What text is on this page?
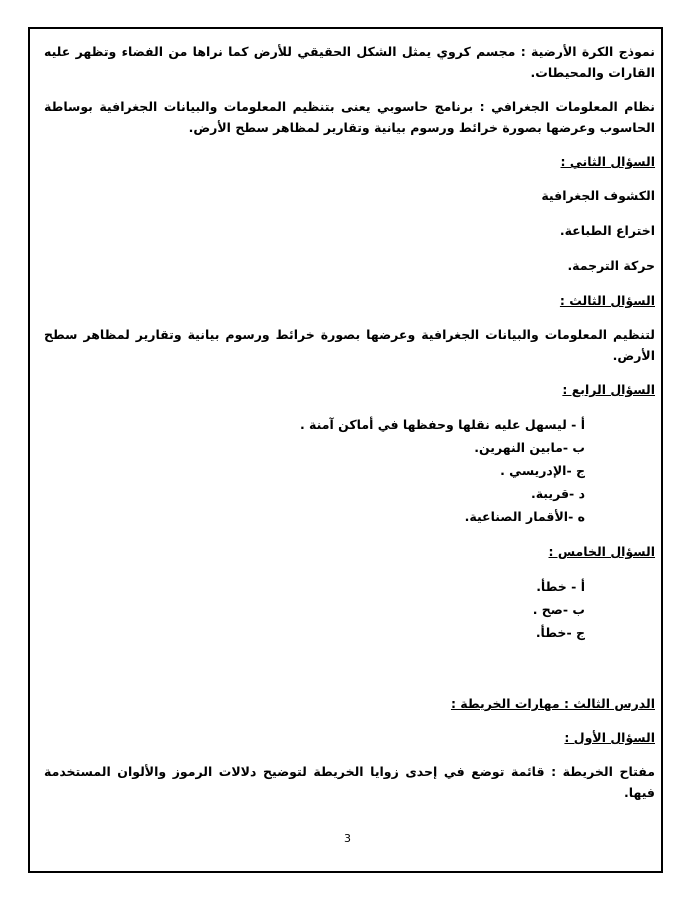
نموذج الكرة الأرضية : مجسم كروي يمثل الشكل الحقيقي للأرض كما نراها من الفضاء وتظهر عليه القارات والمحيطات.

نظام المعلومات الجغرافي : برنامج حاسوبي يعنى بتنظيم المعلومات والبيانات الجغرافية بوساطة الحاسوب وعرضها بصورة خرائط ورسوم بيانية وتقارير لمظاهر سطح الأرض.

السؤال الثاني :
الكشوف الجغرافية
اختراع الطباعة.
حركة الترجمة.
السؤال الثالث :

لتنظيم المعلومات والبيانات الجغرافية وعرضها بصورة خرائط ورسوم بيانية وتقارير لمظاهر سطح الأرض.

السؤال الرابع :
أ - ليسهل عليه نقلها وحفظها في أماكن آمنة .
ب -مابين النهرين.
ج -الإدريسي .
د -قريبة.
ه -الأقمار الصناعية.
السؤال الخامس :
أ - خطأ.
ب -صح .
ج -خطأ.
الدرس الثالث : مهارات الخريطة :
السؤال الأول :

مفتاح الخريطة : قائمة توضع في إحدى زوايا الخريطة لتوضيح دلالات الرموز والألوان المستخدمة فيها.

3
